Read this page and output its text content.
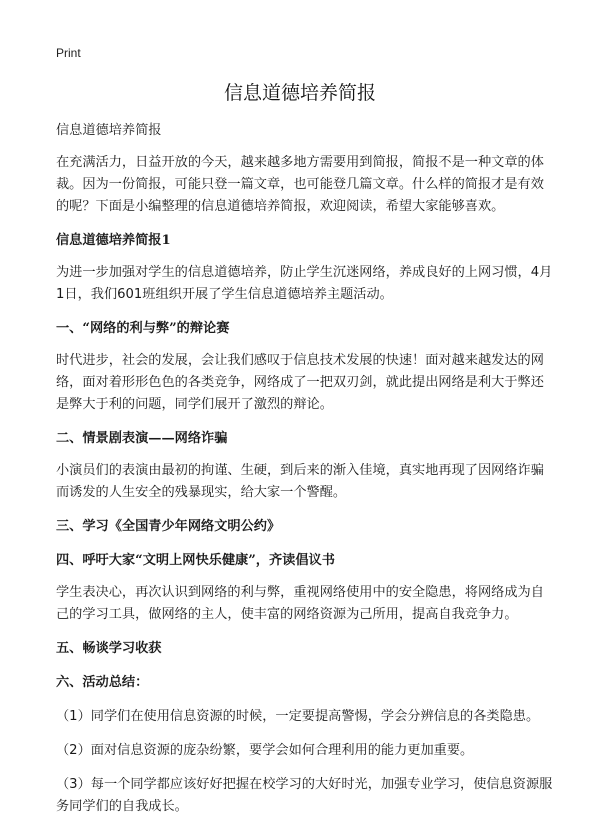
Print
信息道德培养简报

信息道德培养简报

在充满活力，日益开放的今天，越来越多地方需要用到简报，简报不是一种文章的体裁。因为一份简报，可能只登一篇文章，也可能登几篇文章。什么样的简报才是有效的呢？下面是小编整理的信息道德培养简报，欢迎阅读，希望大家能够喜欢。

信息道德培养简报1

为进一步加强对学生的信息道德培养，防止学生沉迷网络，养成良好的上网习惯，4月1日，我们601班组织开展了学生信息道德培养主题活动。

一、“网络的利与弊”的辩论赛

时代进步，社会的发展，会让我们感叹于信息技术发展的快速！面对越来越发达的网络，面对着形形色色的各类竞争，网络成了一把双刃剑，就此提出网络是利大于弊还是弊大于利的问题，同学们展开了激烈的辩论。

二、情景剧表演——网络诈骗

小演员们的表演由最初的拘谨、生硬，到后来的渐入佳境，真实地再现了因网络诈骗而诱发的人生安全的残暴现实，给大家一个警醒。

三、学习《全国青少年网络文明公约》

四、呼吁大家“文明上网快乐健康”，齐读倡议书

学生表决心，再次认识到网络的利与弊，重视网络使用中的安全隐患，将网络成为自己的学习工具，做网络的主人，使丰富的网络资源为己所用，提高自我竞争力。

五、畅谈学习收获

六、活动总结：

（1）同学们在使用信息资源的时候，一定要提高警惕，学会分辨信息的各类隐患。

（2）面对信息资源的庞杂纷繁，要学会如何合理利用的能力更加重要。

（3）每一个同学都应该好好把握在校学习的大好时光，加强专业学习，使信息资源服务同学们的自我成长。
